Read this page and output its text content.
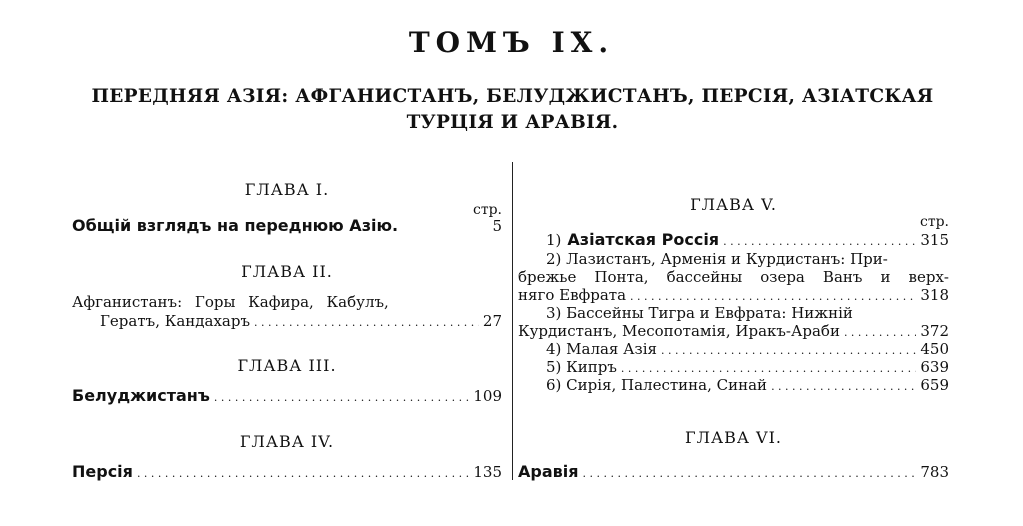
ТОМЪ IX.
ПЕРЕДНЯЯ АЗІЯ: АФГАНИСТАНЪ, БЕЛУДЖИСТАНЪ, ПЕРСІЯ, АЗІАТСКАЯ
ТУРЦІЯ И АРАВІЯ.
ГЛАВА I.
стр.
Общій взглядъ на переднюю Азію.	5
ГЛАВА II.
Афганистанъ: Горы Кафира, Кабулъ,
Гератъ, Кандахаръ . . .	27
ГЛАВА III.
Белуджистанъ . . .	109
ГЛАВА IV.
Персія . . .	135
ГЛАВА V.
стр.
1) Азіатская Россія . . .	315
2) Лазистанъ, Арменія и Курдистанъ: При-
брежье Понта, бассейны озера Ванъ и верх-
няго Евфрата . . .	318
3) Бассейны Тигра и Евфрата: Нижній
Курдистанъ, Месопотамія, Иракъ-Араби . . .	372
4) Малая Азія . . .	450
5) Кипръ . . .	639
6) Сирія, Палестина, Синай . . .	659
ГЛАВА VI.
Аравія . . .	783
